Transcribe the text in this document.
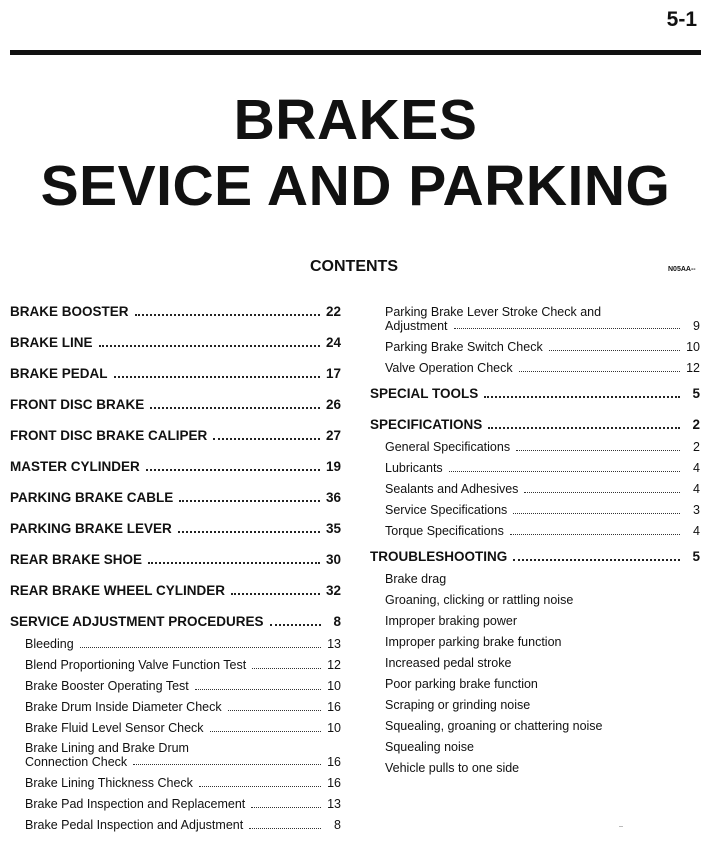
5-1
BRAKES
SEVICE AND PARKING
CONTENTS	N05AA--
BRAKE BOOSTER	22
BRAKE LINE	24
BRAKE PEDAL	17
FRONT DISC BRAKE	26
FRONT DISC BRAKE CALIPER	27
MASTER CYLINDER	19
PARKING BRAKE CABLE	36
PARKING BRAKE LEVER	35
REAR BRAKE SHOE	30
REAR BRAKE WHEEL CYLINDER	32
SERVICE ADJUSTMENT PROCEDURES	8
Bleeding	13
Blend Proportioning Valve Function Test	12
Brake Booster Operating Test	10
Brake Drum Inside Diameter Check	16
Brake Fluid Level Sensor Check	10
Brake Lining and Brake Drum
Connection Check	16
Brake Lining Thickness Check	16
Brake Pad Inspection and Replacement	13
Brake Pedal Inspection and Adjustment	8
Parking Brake Lever Stroke Check and
Adjustment	9
Parking Brake Switch Check	10
Valve Operation Check	12
SPECIAL TOOLS	5
SPECIFICATIONS	2
General Specifications	2
Lubricants	4
Sealants and Adhesives	4
Service Specifications	3
Torque Specifications	4
TROUBLESHOOTING	5
Brake drag
Groaning, clicking or rattling noise
Improper braking power
Improper parking brake function
Increased pedal stroke
Poor parking brake function
Scraping or grinding noise
Squealing, groaning or chattering noise
Squealing noise
Vehicle pulls to one side
